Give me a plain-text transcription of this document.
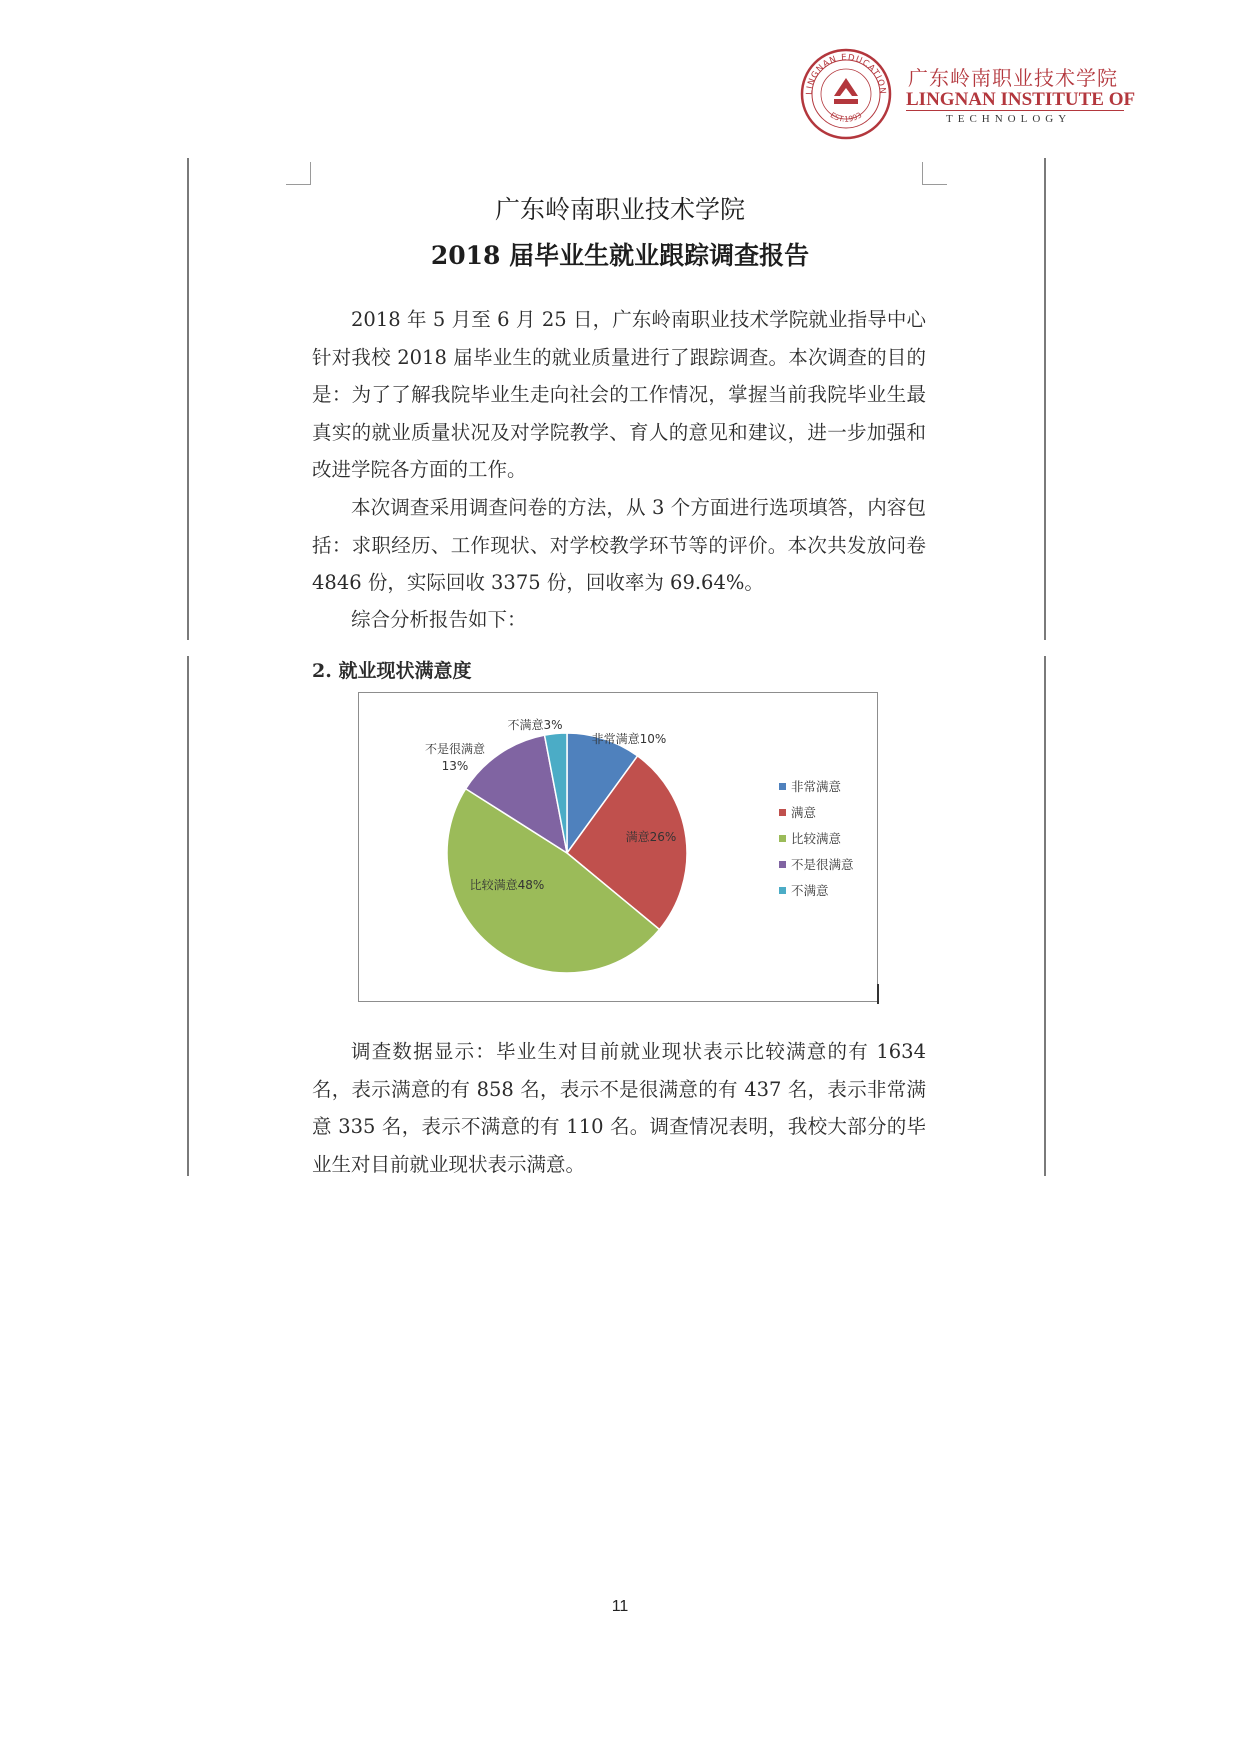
LINGNAN EDUCATION
EST.1993
广东岭南职业技术学院
LINGNAN INSTITUTE OF
TECHNOLOGY
广东岭南职业技术学院
2018 届毕业生就业跟踪调查报告
2018 年 5 月至 6 月 25 日，广东岭南职业技术学院就业指导中心针对我校 2018 届毕业生的就业质量进行了跟踪调查。本次调查的目的是：为了了解我院毕业生走向社会的工作情况，掌握当前我院毕业生最真实的就业质量状况及对学院教学、育人的意见和建议，进一步加强和改进学院各方面的工作。
本次调查采用调查问卷的方法，从 3 个方面进行选项填答，内容包括：求职经历、工作现状、对学校教学环节等的评价。本次共发放问卷 4846 份，实际回收 3375 份，回收率为 69.64%。
综合分析报告如下：
2. 就业现状满意度
非常满意10%
满意26%
比较满意48%
不是很满意
13%
不满意3%
非常满意
满意
比较满意
不是很满意
不满意
调查数据显示：毕业生对目前就业现状表示比较满意的有 1634 名，表示满意的有 858 名，表示不是很满意的有 437 名，表示非常满意 335 名，表示不满意的有 110 名。调查情况表明，我校大部分的毕业生对目前就业现状表示满意。
11
